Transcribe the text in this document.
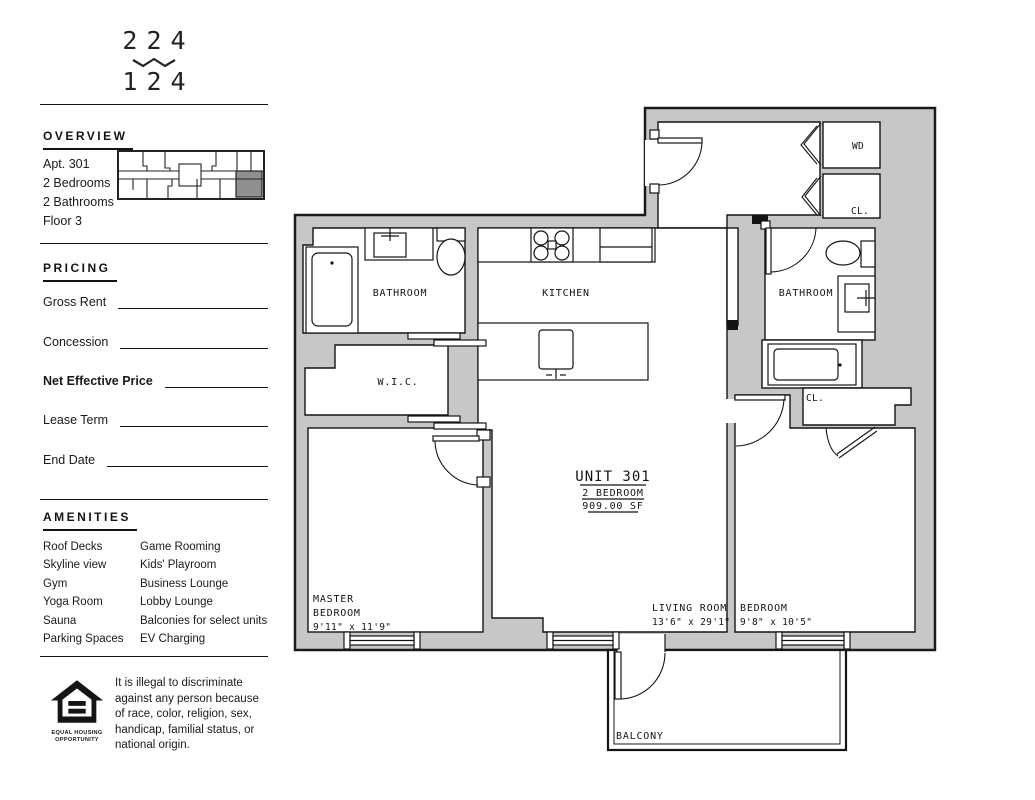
224
124
OVERVIEW
Apt. 301
2 Bedrooms
2 Bathrooms
Floor 3
PRICING
Gross Rent
Concession
Net Effective Price
Lease Term
End Date
AMENITIES
Roof Decks
Skyline view
Gym
Yoga Room
Sauna
Parking Spaces
Game Rooming
Kids' Playroom
Business Lounge
Lobby Lounge
Balconies for select units
EV Charging
EQUAL HOUSING
OPPORTUNITY
It is illegal to discriminate against any person because of race, color, religion, sex, handicap, familial status, or national origin.
BATHROOM	KITCHEN
W.I.C.
MASTER
BEDROOM
9'11" x 11'9"
LIVING ROOM
13'6" x 29'1"
BEDROOM
9'8" x 10'5"
BATHROOM
CL.
CL.
WD
BALCONY
UNIT 301
2 BEDROOM
909.00 SF
